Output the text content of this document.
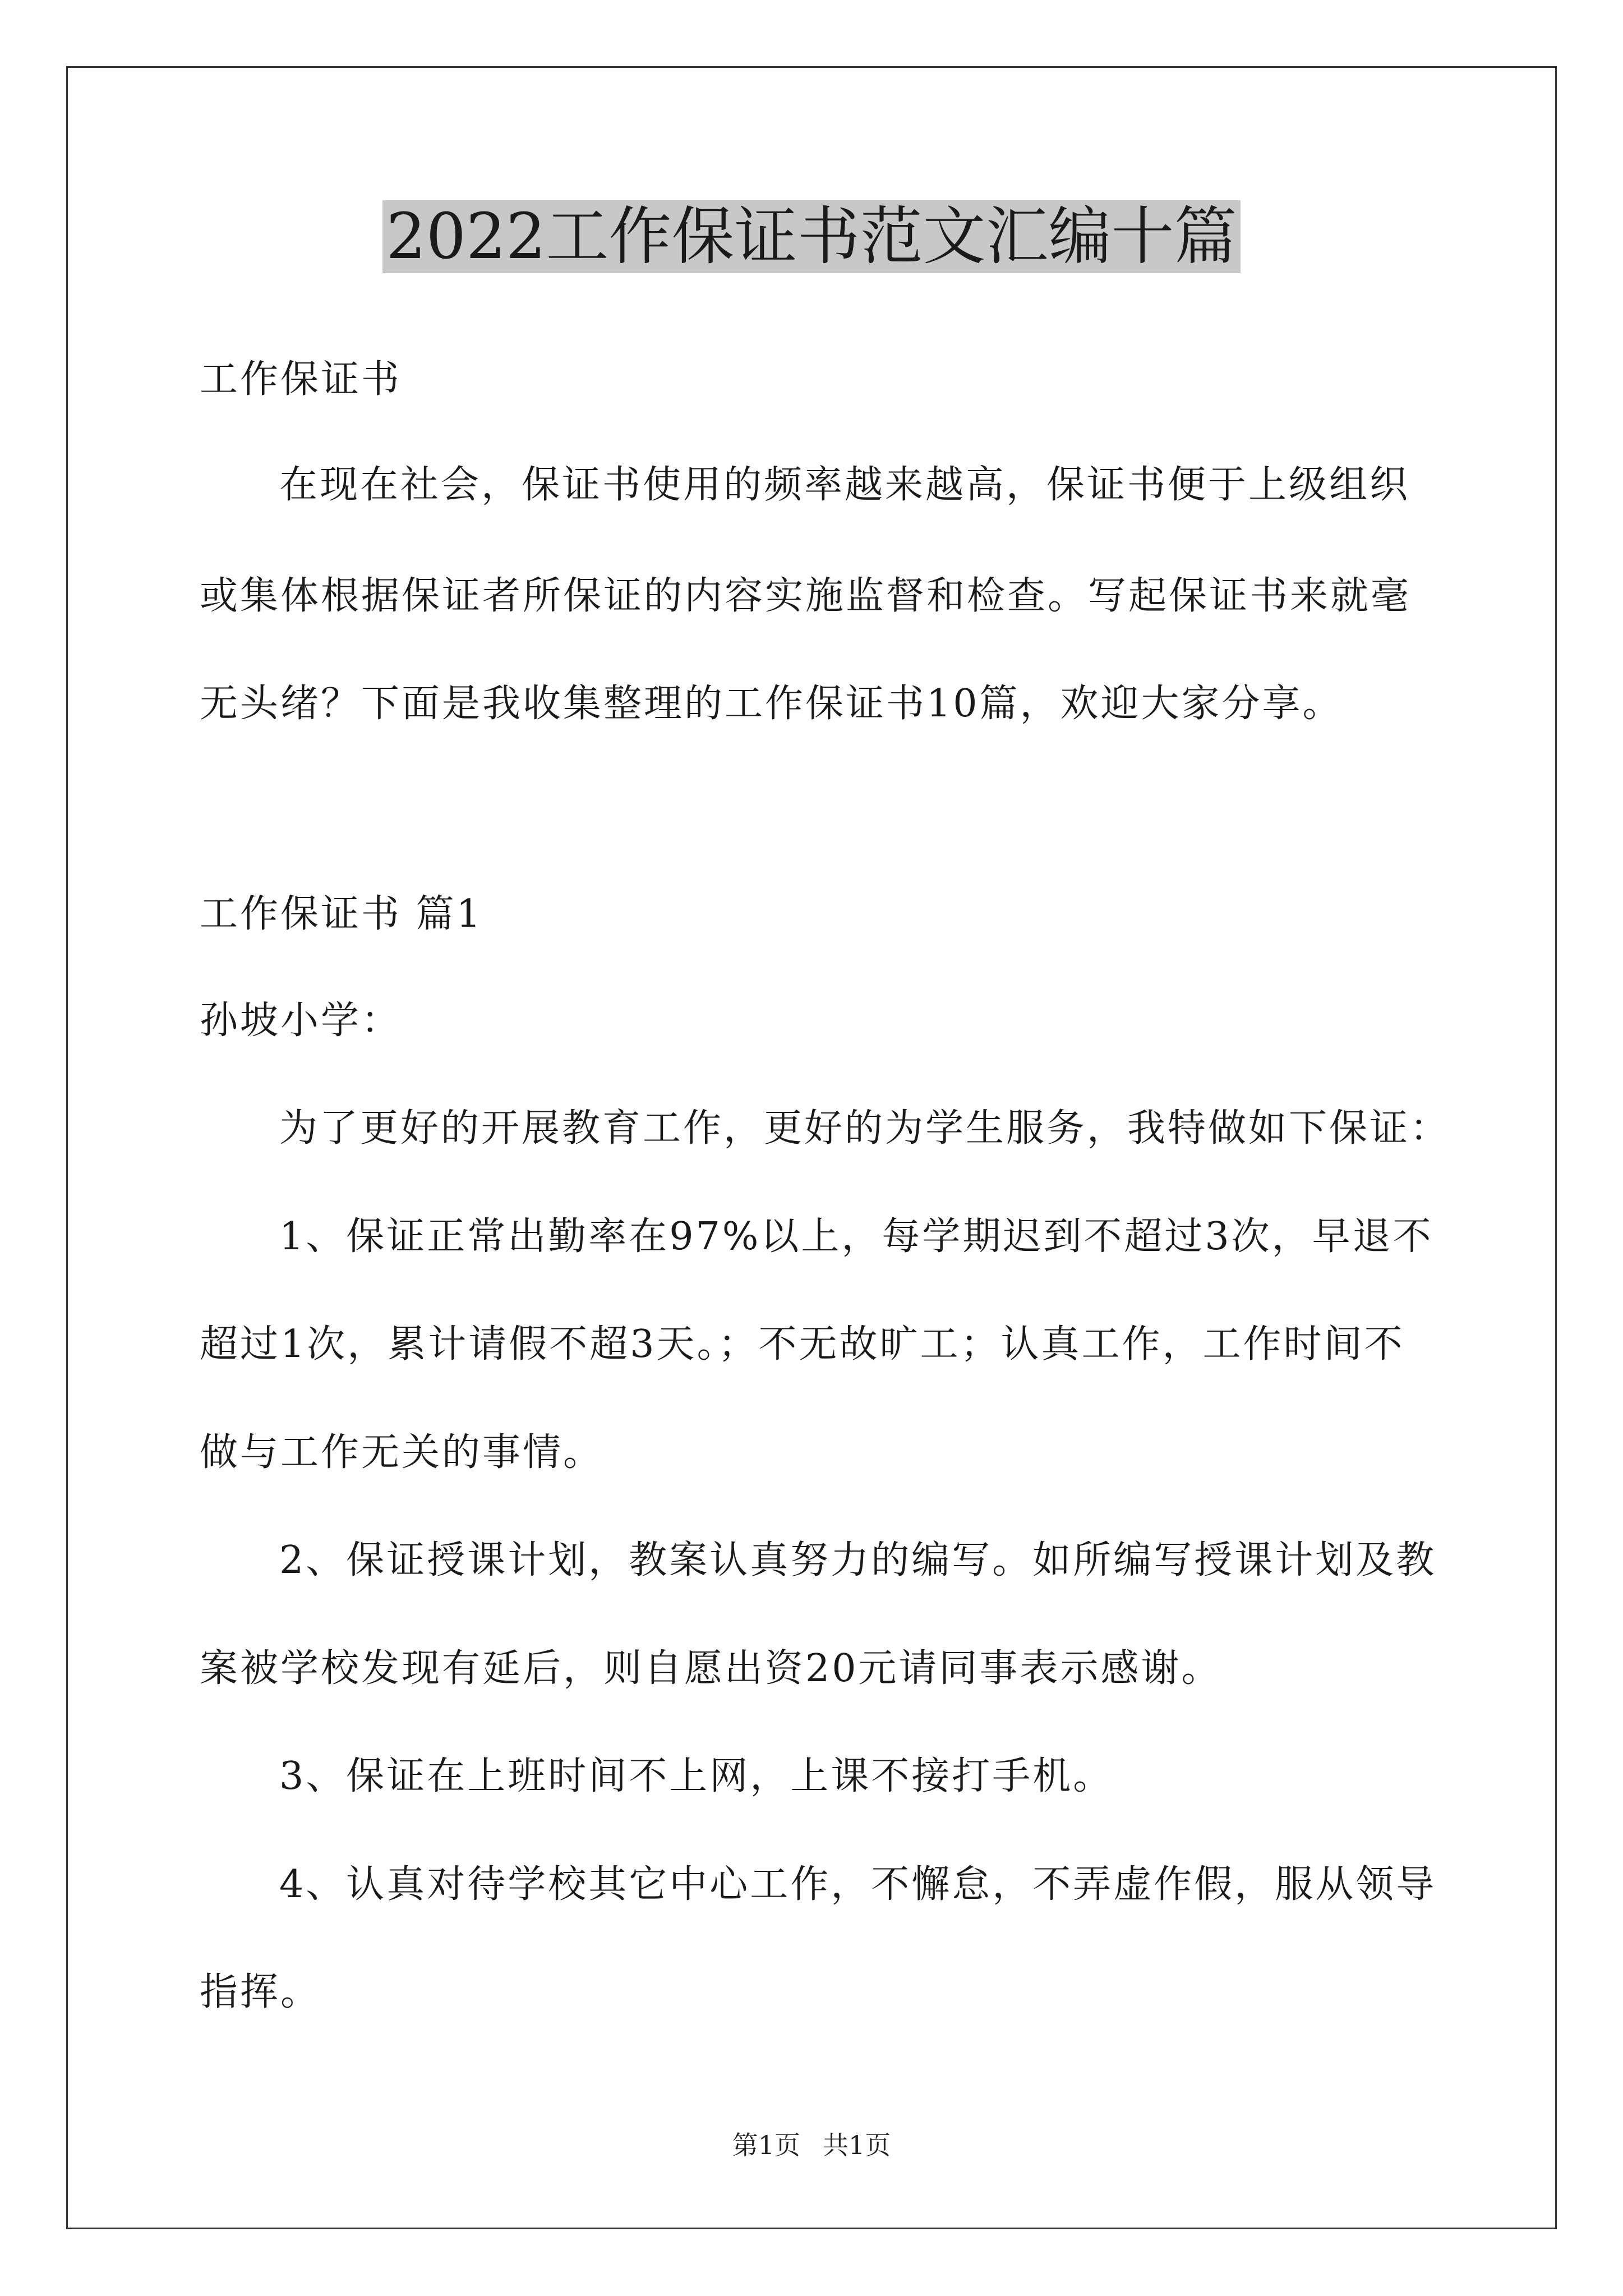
2022工作保证书范文汇编十篇
工作保证书
在现在社会，保证书使用的频率越来越高，保证书便于上级组织
或集体根据保证者所保证的内容实施监督和检查。写起保证书来就毫
无头绪？下面是我收集整理的工作保证书10篇，欢迎大家分享。
工作保证书 篇1
孙坡小学：
为了更好的开展教育工作，更好的为学生服务，我特做如下保证：
1、保证正常出勤率在97%以上，每学期迟到不超过3次，早退不
超过1次，累计请假不超3天。；不无故旷工；认真工作，工作时间不
做与工作无关的事情。
2、保证授课计划，教案认真努力的编写。如所编写授课计划及教
案被学校发现有延后，则自愿出资20元请同事表示感谢。
3、保证在上班时间不上网，上课不接打手机。
4、认真对待学校其它中心工作，不懈怠，不弄虚作假，服从领导
指挥。
第1页 共1页
